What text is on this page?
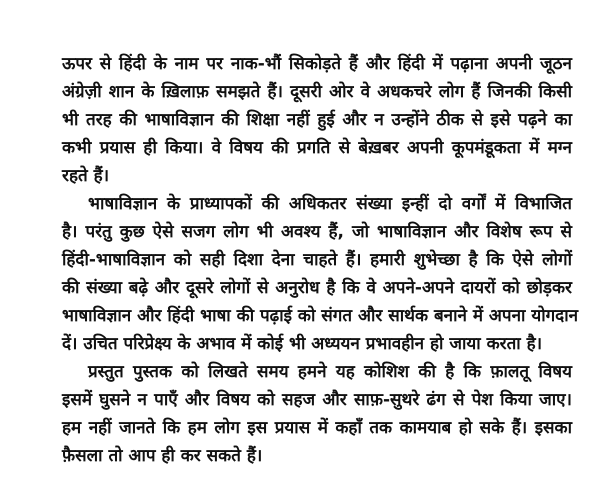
ऊपर से हिंदी के नाम पर नाक-भौं सिकोड़ते हैं और हिंदी में पढ़ाना अपनी जूठन
अंग्रेज़ी शान के ख़िलाफ़ समझते हैं। दूसरी ओर वे अधकचरे लोग हैं जिनकी किसी
भी तरह की भाषाविज्ञान की शिक्षा नहीं हुई और न उन्होंने ठीक से इसे पढ़ने का
कभी प्रयास ही किया। वे विषय की प्रगति से बेख़बर अपनी कूपमंडूकता में मग्न
रहते हैं।
भाषाविज्ञान के प्राध्यापकों की अधिकतर संख्या इन्हीं दो वर्गों में विभाजित
है। परंतु कुछ ऐसे सजग लोग भी अवश्य हैं, जो भाषाविज्ञान और विशेष रूप से
हिंदी-भाषाविज्ञान को सही दिशा देना चाहते हैं। हमारी शुभेच्छा है कि ऐसे लोगों
की संख्या बढ़े और दूसरे लोगों से अनुरोध है कि वे अपने-अपने दायरों को छोड़कर
भाषाविज्ञान और हिंदी भाषा की पढ़ाई को संगत और सार्थक बनाने में अपना योगदान
दें। उचित परिप्रेक्ष्य के अभाव में कोई भी अध्ययन प्रभावहीन हो जाया करता है।
प्रस्तुत पुस्तक को लिखते समय हमने यह कोशिश की है कि फ़ालतू विषय
इसमें घुसने न पाएँ और विषय को सहज और साफ़-सुथरे ढंग से पेश किया जाए।
हम नहीं जानते कि हम लोग इस प्रयास में कहाँ तक कामयाब हो सके हैं। इसका
फ़ैसला तो आप ही कर सकते हैं।
